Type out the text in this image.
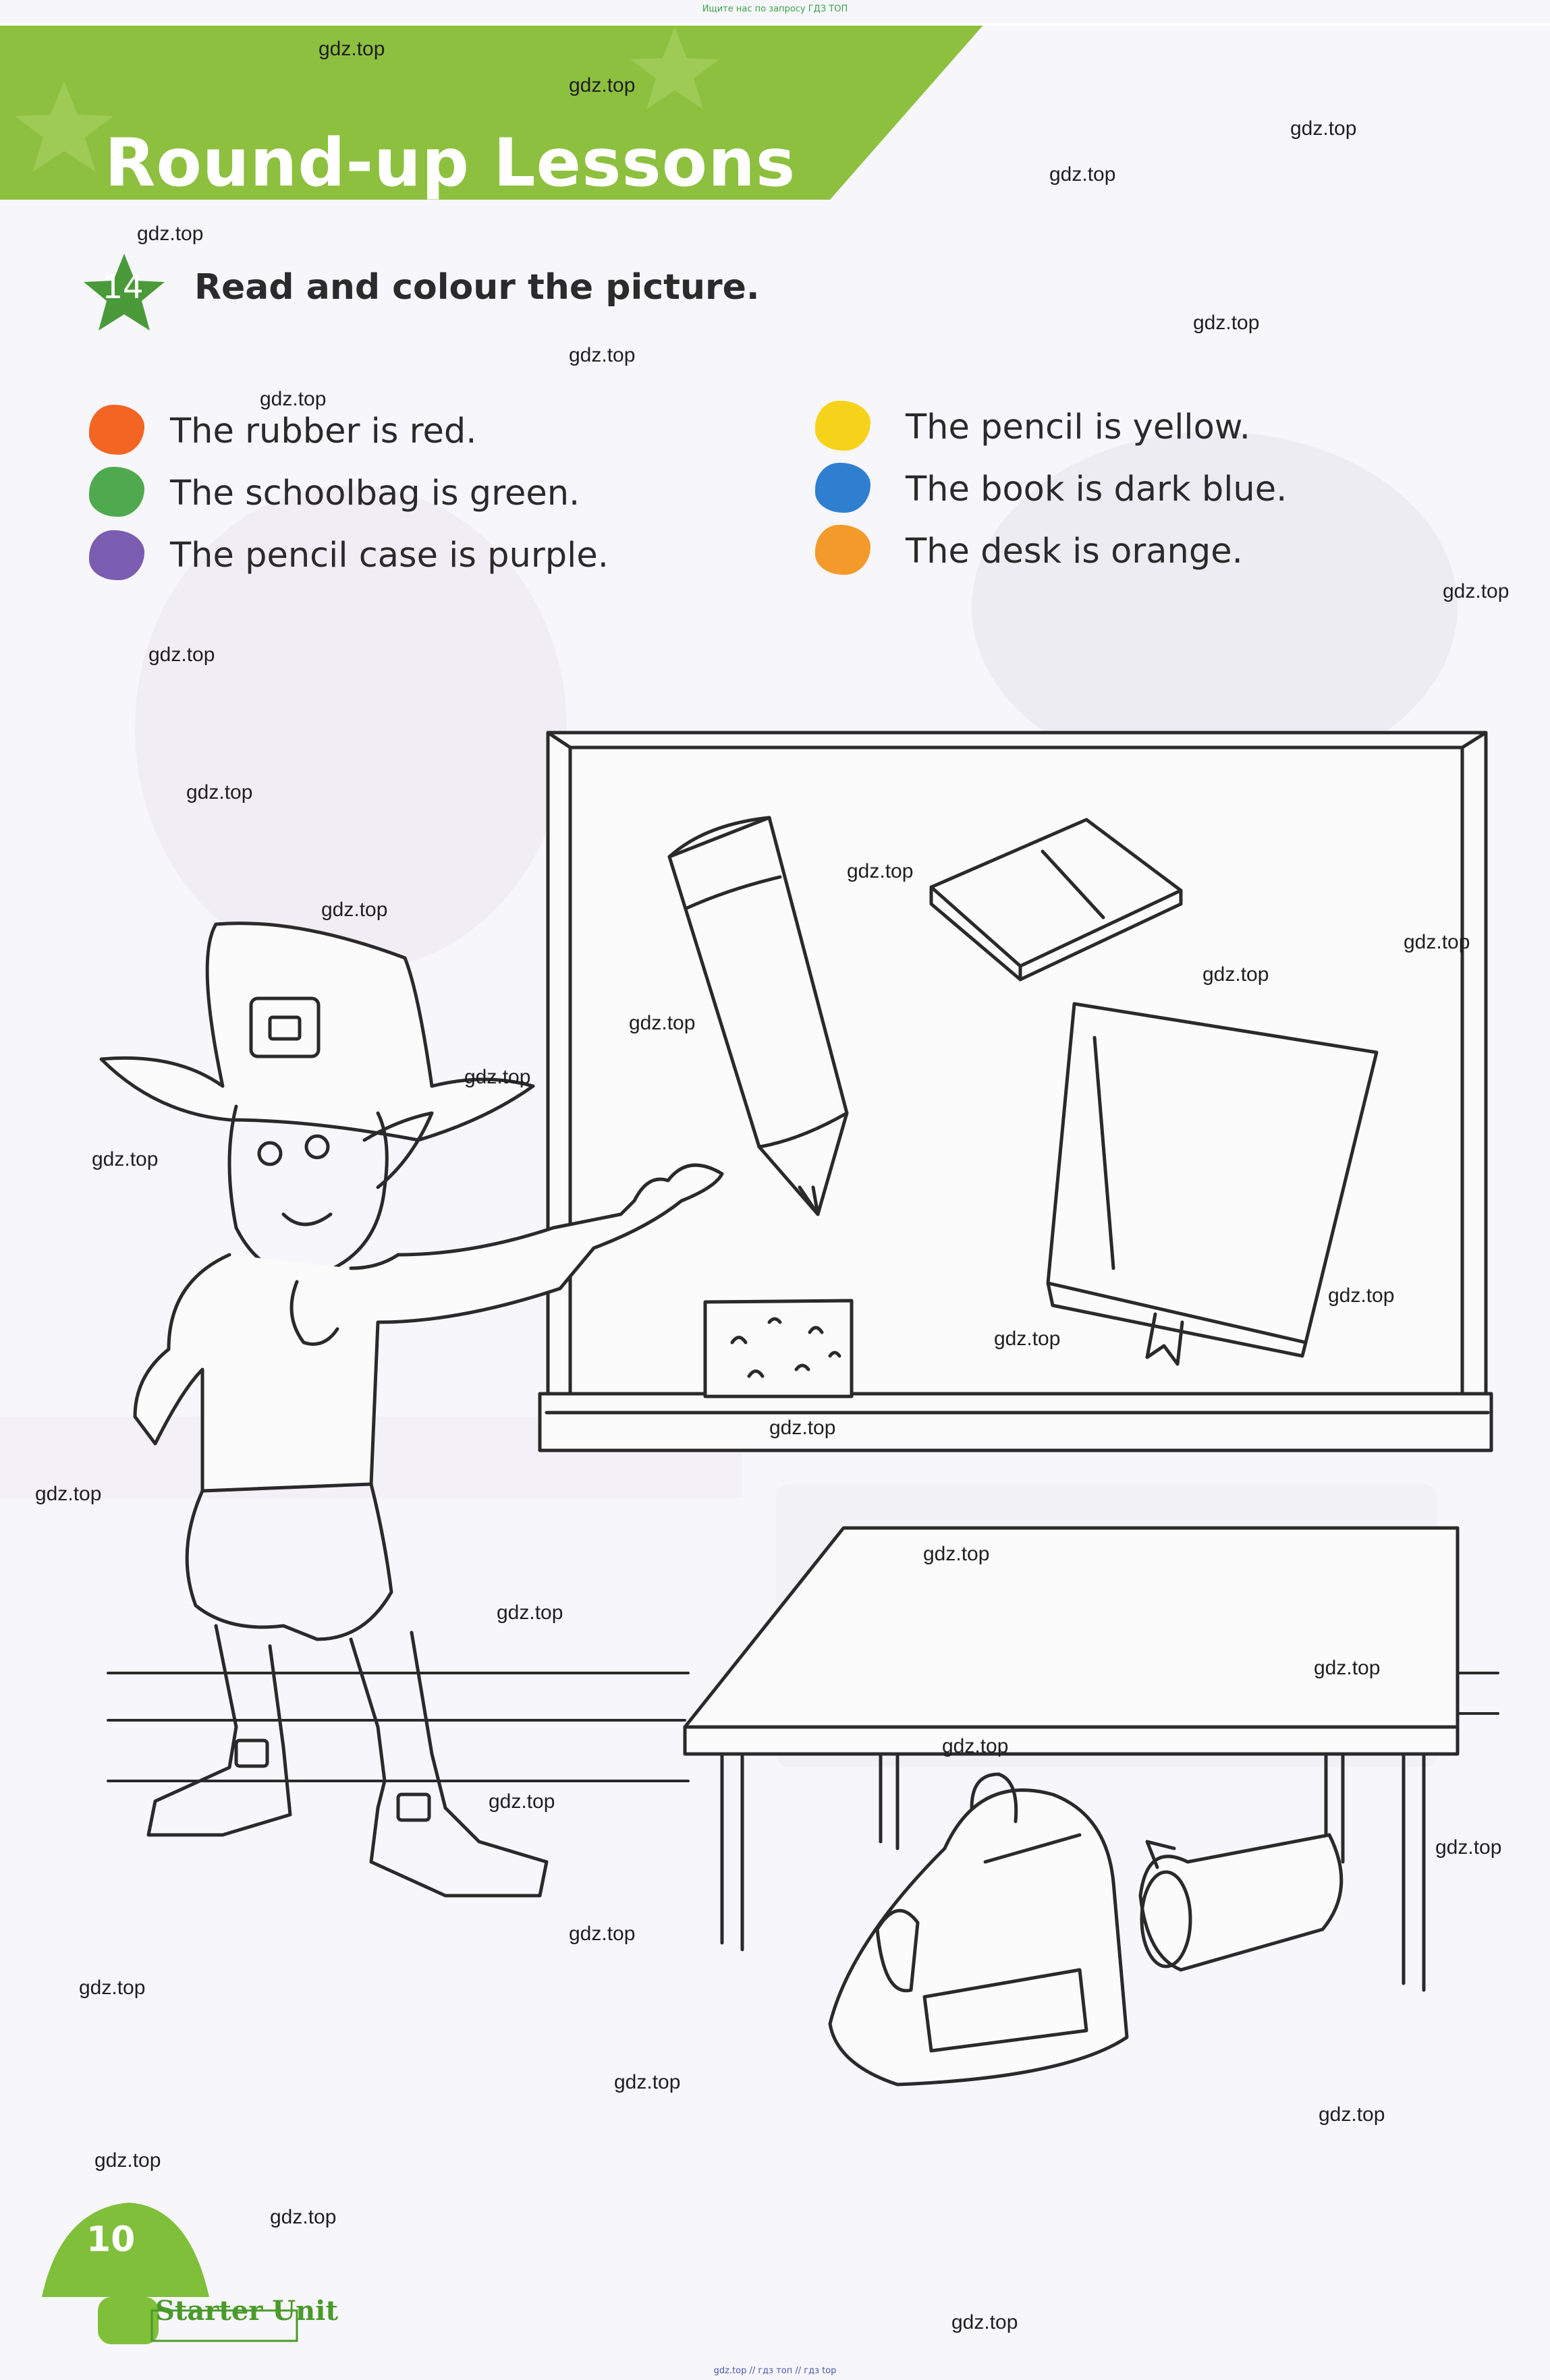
Ищите нас по запросу ГДЗ ТОП
Round-up Lessons
14	Read and colour the picture.
The rubber is red.
The schoolbag is green.
The pencil case is purple.
The pencil is yellow.
The book is dark blue.
The desk is orange.
gdz.top
gdz.top
gdz.top
gdz.top
gdz.top
gdz.top
gdz.top
gdz.top
gdz.top
gdz.top
gdz.top
gdz.top
gdz.top
gdz.top
gdz.top
gdz.top
gdz.top
gdz.top
gdz.top
gdz.top
gdz.top
gdz.top
gdz.top
gdz.top
gdz.top
gdz.top
gdz.top
gdz.top
gdz.top
gdz.top
gdz.top
gdz.top
gdz.top
gdz.top
gdz.top
10
Starter Unit
gdz.top // гдз топ // гдз top
